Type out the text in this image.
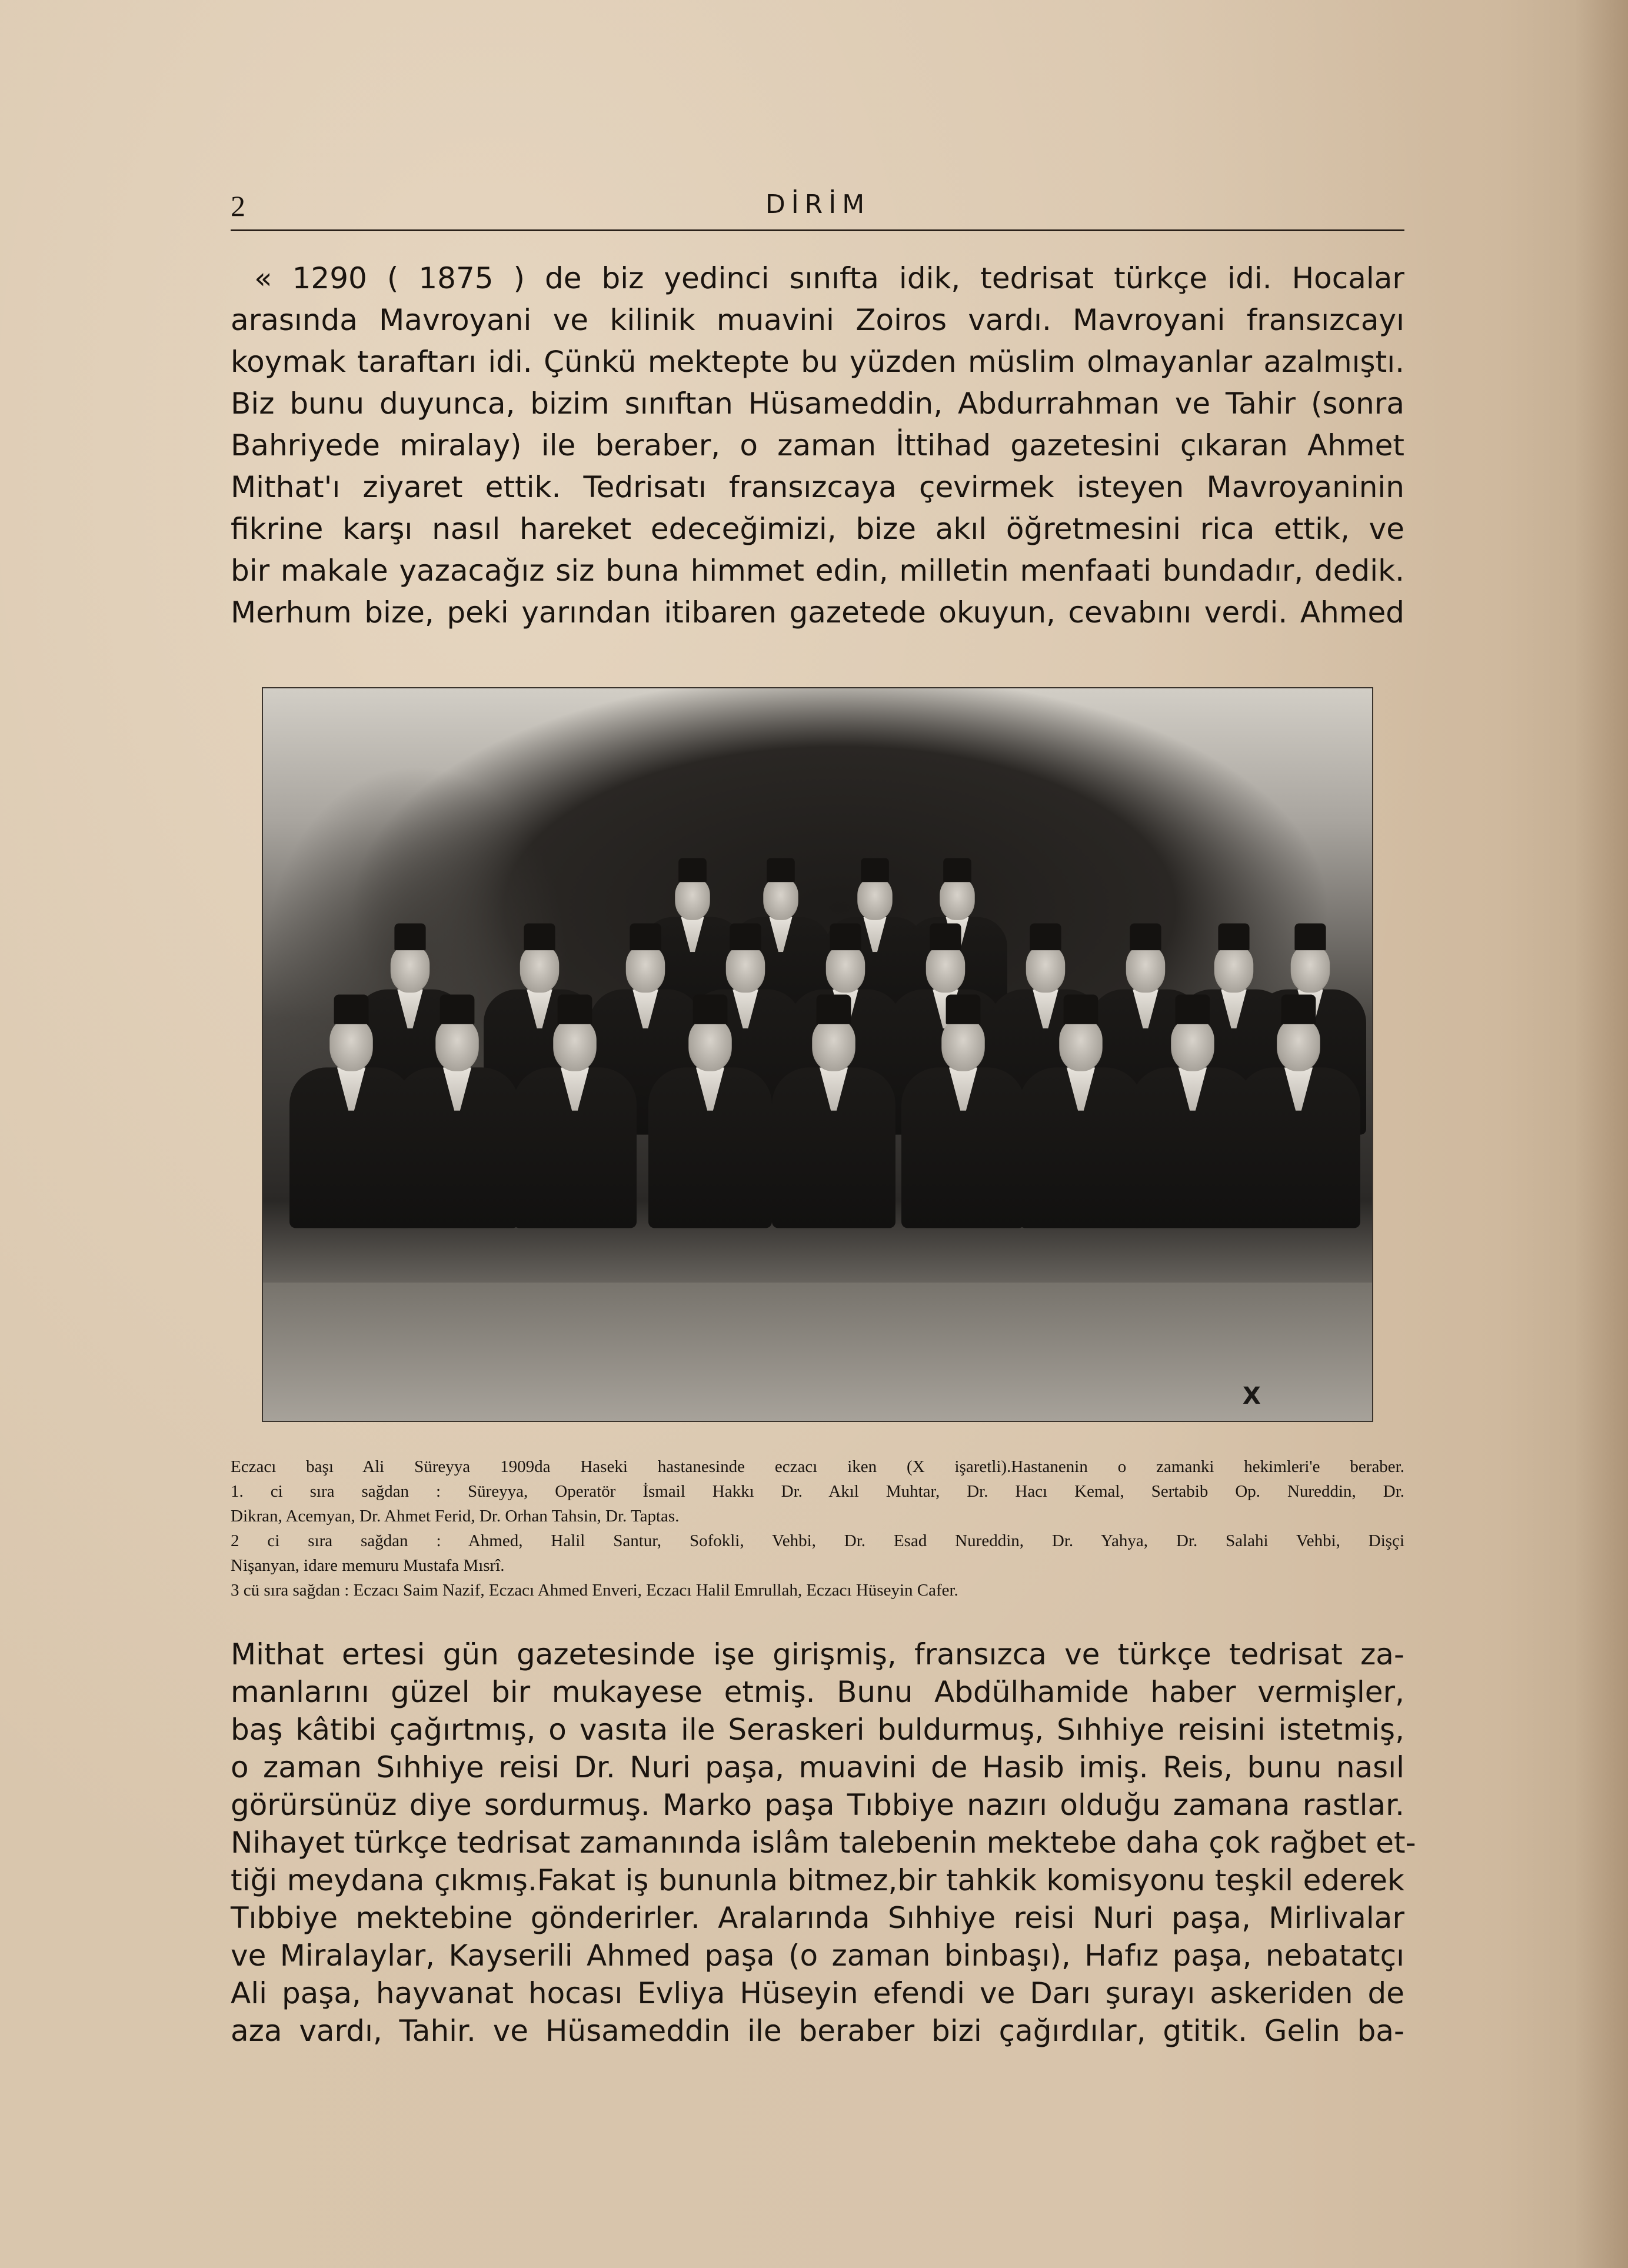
2	DİRİM
« 1290 ( 1875 ) de biz yedinci sınıfta idik, tedrisat türkçe idi. Hocalar
arasında Mavroyani ve kilinik muavini Zoiros vardı. Mavroyani fransızcayı
koymak taraftarı idi. Çünkü mektepte bu yüzden müslim olmayanlar azalmıştı.
Biz bunu duyunca, bizim sınıftan Hüsameddin, Abdurrahman ve Tahir (sonra
Bahriyede miralay) ile beraber, o zaman İttihad gazetesini çıkaran Ahmet
Mithat'ı ziyaret ettik. Tedrisatı fransızcaya çevirmek isteyen Mavroyaninin
fikrine karşı nasıl hareket edeceğimizi, bize akıl öğretmesini rica ettik, ve
bir makale yazacağız siz buna himmet edin, milletin menfaati bundadır, dedik.
Merhum bize, peki yarından itibaren gazetede okuyun, cevabını verdi. Ahmed
X
Eczacı başı Ali Süreyya 1909da Haseki hastanesinde eczacı iken (X işaretli).Hastanenin o zamanki hekimleri'e beraber.
1. ci sıra sağdan : Süreyya, Operatör İsmail Hakkı Dr. Akıl Muhtar, Dr. Hacı Kemal, Sertabib Op. Nureddin, Dr.
Dikran, Acemyan, Dr. Ahmet Ferid, Dr. Orhan Tahsin, Dr. Taptas.
2 ci sıra sağdan : Ahmed, Halil Santur, Sofokli, Vehbi, Dr. Esad Nureddin, Dr. Yahya, Dr. Salahi Vehbi, Dişçi
Nişanyan, idare memuru Mustafa Mısrî.
3 cü sıra sağdan : Eczacı Saim Nazif, Eczacı Ahmed Enveri, Eczacı Halil Emrullah, Eczacı Hüseyin Cafer.
Mithat ertesi gün gazetesinde işe girişmiş, fransızca ve türkçe tedrisat za-
manlarını güzel bir mukayese etmiş. Bunu Abdülhamide haber vermişler,
baş kâtibi çağırtmış, o vasıta ile Seraskeri buldurmuş, Sıhhiye reisini istetmiş,
o zaman Sıhhiye reisi Dr. Nuri paşa, muavini de Hasib imiş. Reis, bunu nasıl
görürsünüz diye sordurmuş. Marko paşa Tıbbiye nazırı olduğu zamana rastlar.
Nihayet türkçe tedrisat zamanında islâm talebenin mektebe daha çok rağbet et-
tiği meydana çıkmış.Fakat iş bununla bitmez,bir tahkik komisyonu teşkil ederek
Tıbbiye mektebine gönderirler. Aralarında Sıhhiye reisi Nuri paşa, Mirlivalar
ve Miralaylar, Kayserili Ahmed paşa (o zaman binbaşı), Hafız paşa, nebatatçı
Ali paşa, hayvanat hocası Evliya Hüseyin efendi ve Darı şurayı askeriden de
aza vardı, Tahir. ve Hüsameddin ile beraber bizi çağırdılar, gtitik. Gelin ba-
